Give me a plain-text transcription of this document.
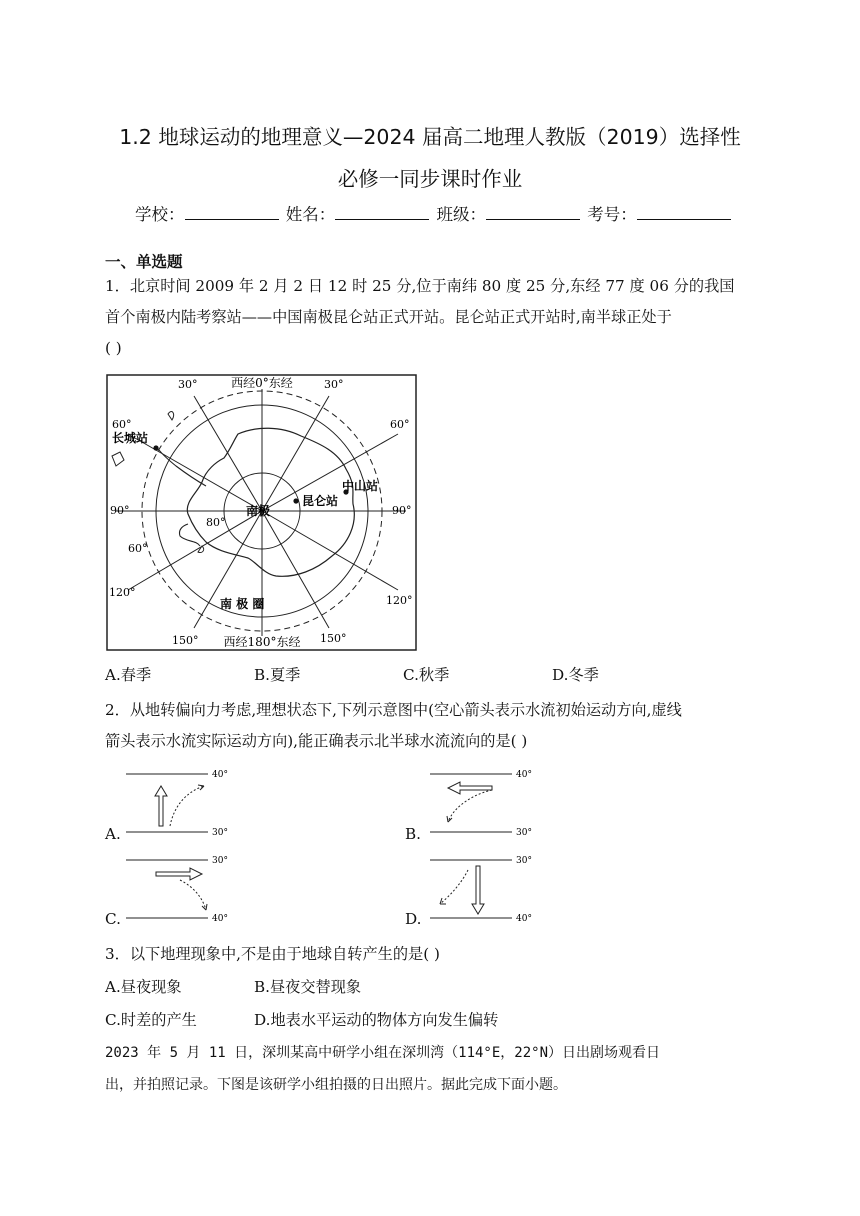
1.2 地球运动的地理意义—2024 届高二地理人教版（2019）选择性
必修一同步课时作业
学校：	姓名：	班级：	考号：
一、单选题
1．北京时间 2009 年 2 月 2 日 12 时 25 分,位于南纬 80 度 25 分,东经 77 度 06 分的我国
首个南极内陆考察站——中国南极昆仑站正式开站。昆仑站正式开站时,南半球正处于
( )
西经0°东经
西经180°东经
30°	30°
60°	60°
90°	90°
60°
120°
120°
150°	150°
80°
南极
昆仑站
中山站
长城站
南 极 圈
A.春季	B.夏季	C.秋季	D.冬季
2．从地转偏向力考虑,理想状态下,下列示意图中(空心箭头表示水流初始运动方向,虚线
箭头表示水流实际运动方向),能正确表示北半球水流流向的是( )
A.
40°
30°	B.
40°
30°
C.
30°
40°	D.
30°
40°
3．以下地理现象中,不是由于地球自转产生的是( )
A.昼夜现象	B.昼夜交替现象
C.时差的产生	D.地表水平运动的物体方向发生偏转
2023 年 5 月 11 日，深圳某高中研学小组在深圳湾（114°E，22°N）日出剧场观看日
出，并拍照记录。下图是该研学小组拍摄的日出照片。据此完成下面小题。
